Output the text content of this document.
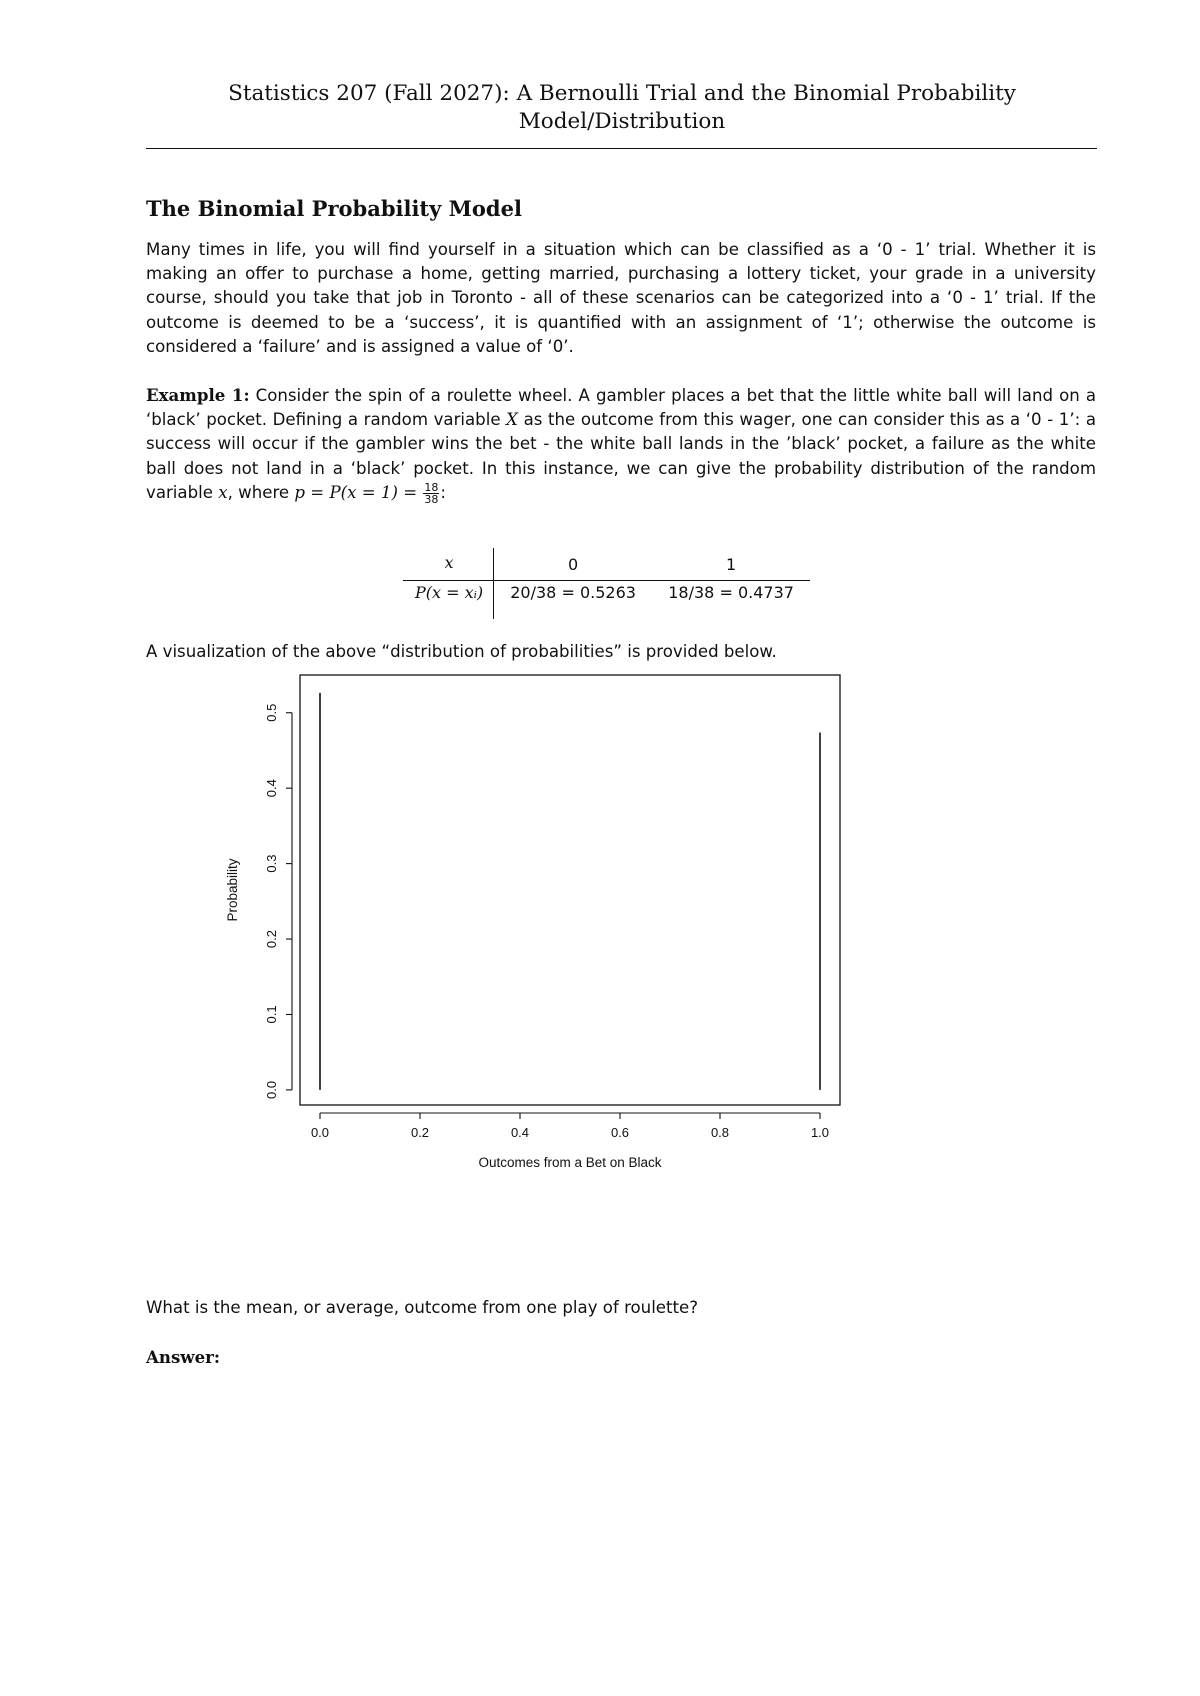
Statistics 207 (Fall 2027): A Bernoulli Trial and the Binomial Probability
Model/Distribution
The Binomial Probability Model
Many times in life, you will find yourself in a situation which can be classified as a ‘0 - 1’ trial. Whether it is making an offer to purchase a home, getting married, purchasing a lottery ticket, your grade in a university course, should you take that job in Toronto - all of these scenarios can be categorized into a ‘0 - 1’ trial. If the outcome is deemed to be a ‘success’, it is quantified with an assignment of ‘1’; otherwise the outcome is considered a ‘failure’ and is assigned a value of ‘0’.
Example 1: Consider the spin of a roulette wheel. A gambler places a bet that the little white ball will land on a ‘black’ pocket. Defining a random variable X as the outcome from this wager, one can consider this as a ‘0 - 1’: a success will occur if the gambler wins the bet - the white ball lands in the ’black’ pocket, a failure as the white ball does not land in a ‘black’ pocket. In this instance, we can give the probability distribution of the random variable x, where $p = P(x = 1) = \frac{18}{38}$ :
x	0	1
P(x = xᵢ)	20/38 = 0.5263	18/38 = 0.4737
A visualization of the above “distribution of probabilities” is provided below.
0.0	0.2	0.4	0.6	0.8	1.0
0.0
0.1
0.2
0.3
0.4
0.5
Outcomes from a Bet on Black
Probability
What is the mean, or average, outcome from one play of roulette?
Answer:
